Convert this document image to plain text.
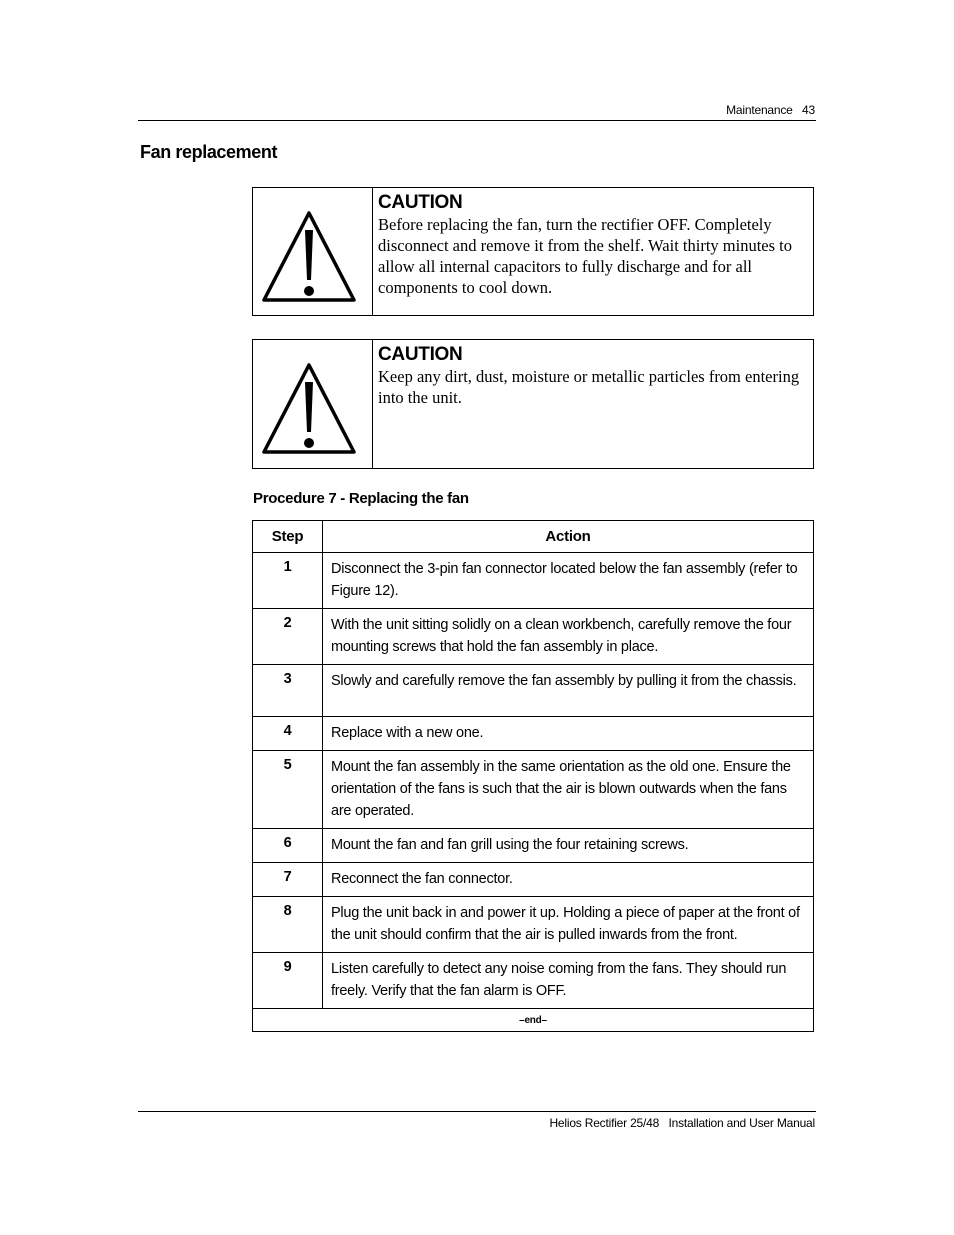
Maintenance 43
Fan replacement
CAUTION
Before replacing the fan, turn the rectifier OFF. Completely disconnect and remove it from the shelf. Wait thirty minutes to allow all internal capacitors to fully discharge and for all components to cool down.
CAUTION
Keep any dirt, dust, moisture or metallic particles from entering into the unit.
Procedure 7 - Replacing the fan
Step	Action
1	Disconnect the 3-pin fan connector located below the fan assembly (refer to Figure 12).
2	With the unit sitting solidly on a clean workbench, carefully remove the four mounting screws that hold the fan assembly in place.
3	Slowly and carefully remove the fan assembly by pulling it from the chassis.
4	Replace with a new one.
5	Mount the fan assembly in the same orientation as the old one. Ensure the orientation of the fans is such that the air is blown outwards when the fans are operated.
6	Mount the fan and fan grill using the four retaining screws.
7	Reconnect the fan connector.
8	Plug the unit back in and power it up. Holding a piece of paper at the front of the unit should confirm that the air is pulled inwards from the front.
9	Listen carefully to detect any noise coming from the fans. They should run freely. Verify that the fan alarm is OFF.
–end–	
Helios Rectifier 25/48   Installation and User Manual
